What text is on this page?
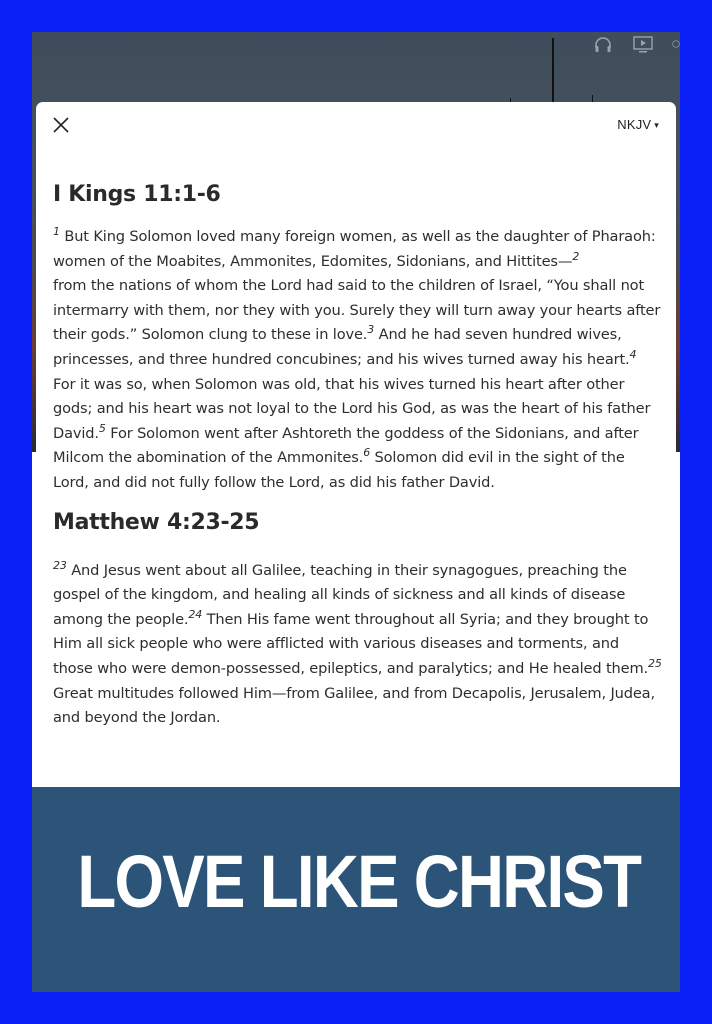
NKJV ▾
I Kings 11:1-6

$^1$ But King Solomon loved many foreign women, as well as the daughter of Pharaoh: women of the Moabites, Ammonites, Edomites, Sidonians, and Hittites—$^2$
from the nations of whom the Lord had said to the children of Israel, “You shall not intermarry with them, nor they with you. Surely they will turn away your hearts after their gods.” Solomon clung to these in love.$^3$ And he had seven hundred wives, princesses, and three hundred concubines; and his wives turned away his heart.$^4$ For it was so, when Solomon was old, that his wives turned his heart after other gods; and his heart was not loyal to the Lord his God, as was the heart of his father David.$^5$ For Solomon went after Ashtoreth the goddess of the Sidonians, and after Milcom the abomination of the Ammonites.$^6$ Solomon did evil in the sight of the Lord, and did not fully follow the Lord, as did his father David.

Matthew 4:23-25

$^{23}$ And Jesus went about all Galilee, teaching in their synagogues, preaching the gospel of the kingdom, and healing all kinds of sickness and all kinds of disease among the people.$^{24}$ Then His fame went throughout all Syria; and they brought to Him all sick people who were afflicted with various diseases and torments, and those who were demon-possessed, epileptics, and paralytics; and He healed them.$^{25}$ Great multitudes followed Him—from Galilee, and from Decapolis, Jerusalem, Judea, and beyond the Jordan.

LOVE LIKE CHRIST
